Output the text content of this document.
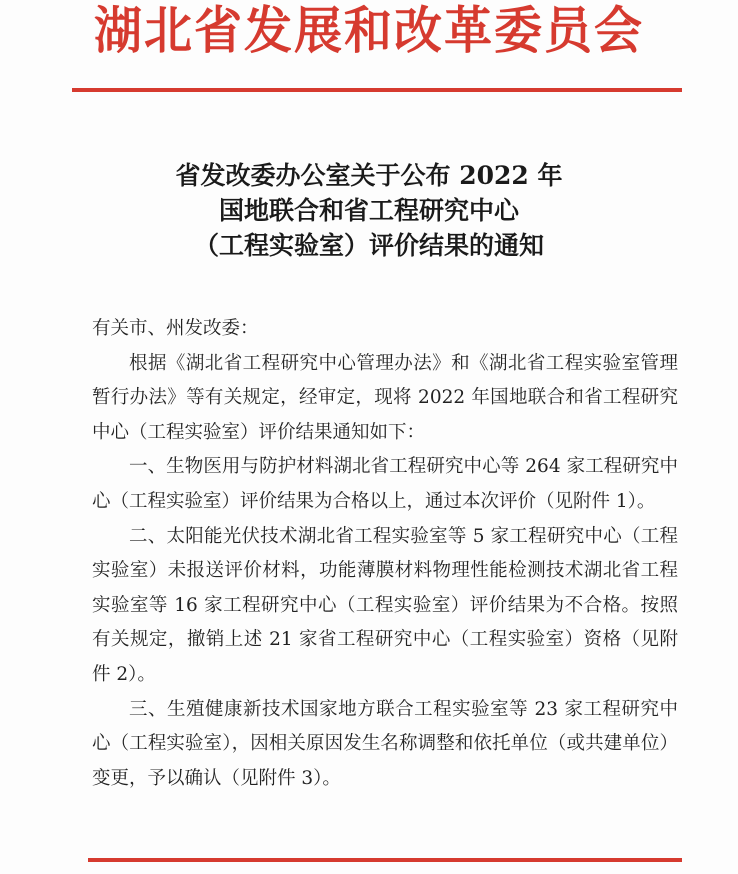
湖北省发展和改革委员会
省发改委办公室关于公布 2022 年
国地联合和省工程研究中心
（工程实验室）评价结果的通知

有关市、州发改委：

根据《湖北省工程研究中心管理办法》和《湖北省工程实验室管理暂行办法》等有关规定，经审定，现将 2022 年国地联合和省工程研究中心（工程实验室）评价结果通知如下：

一、生物医用与防护材料湖北省工程研究中心等 264 家工程研究中心（工程实验室）评价结果为合格以上，通过本次评价（见附件 1）。

二、太阳能光伏技术湖北省工程实验室等 5 家工程研究中心（工程实验室）未报送评价材料，功能薄膜材料物理性能检测技术湖北省工程实验室等 16 家工程研究中心（工程实验室）评价结果为不合格。按照有关规定，撤销上述 21 家省工程研究中心（工程实验室）资格（见附件 2）。

三、生殖健康新技术国家地方联合工程实验室等 23 家工程研究中心（工程实验室），因相关原因发生名称调整和依托单位（或共建单位）变更，予以确认（见附件 3）。
